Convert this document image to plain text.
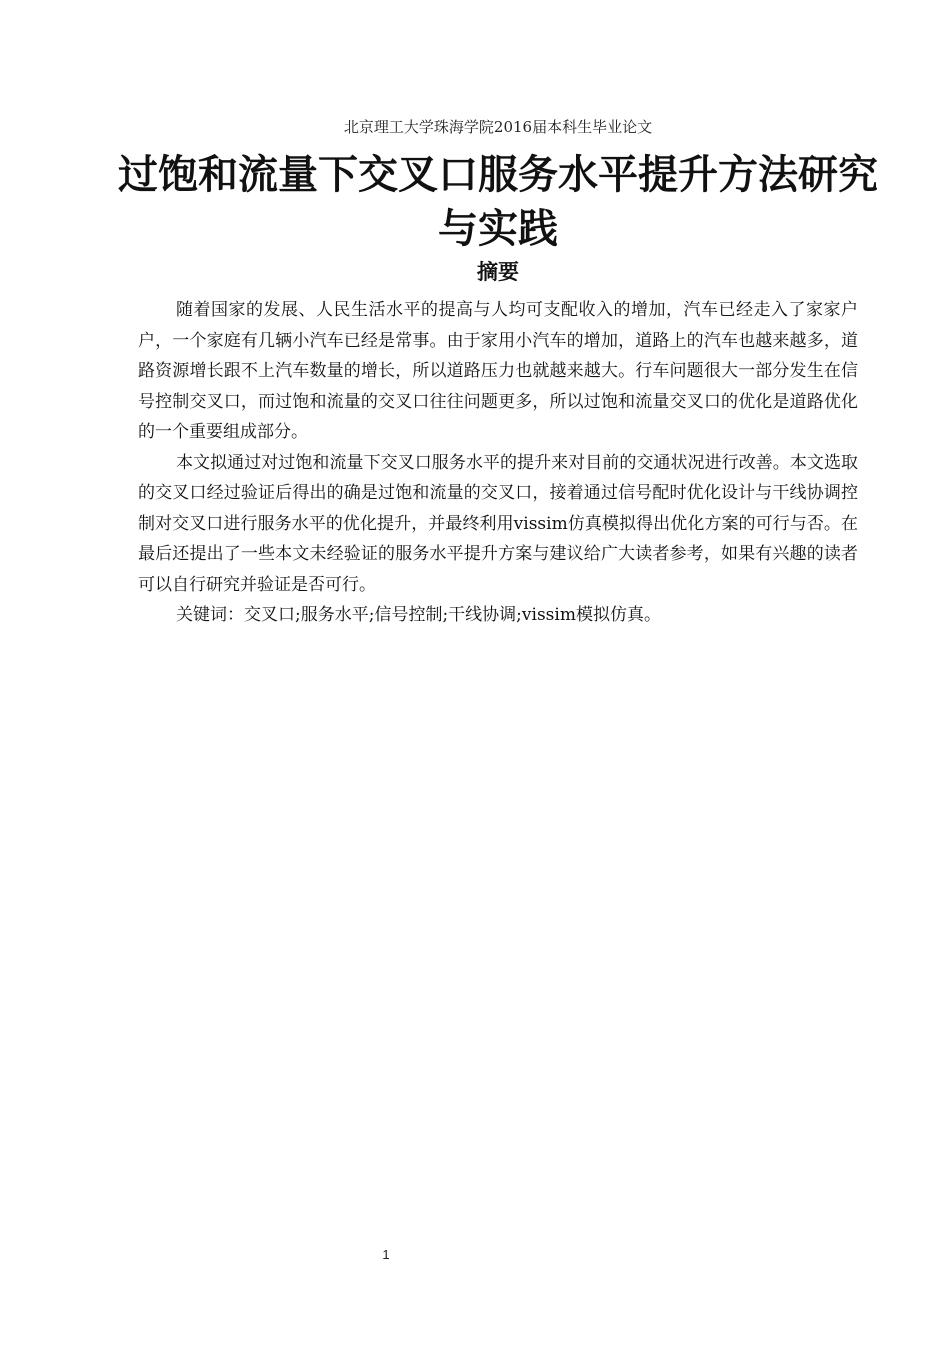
北京理工大学珠海学院2016届本科生毕业论文
过饱和流量下交叉口服务水平提升方法研究与实践
摘要

随着国家的发展、人民生活水平的提高与人均可支配收入的增加，汽车已经走入了家家户户，一个家庭有几辆小汽车已经是常事。由于家用小汽车的增加，道路上的汽车也越来越多，道路资源增长跟不上汽车数量的增长，所以道路压力也就越来越大。行车问题很大一部分发生在信号控制交叉口，而过饱和流量的交叉口往往问题更多，所以过饱和流量交叉口的优化是道路优化的一个重要组成部分。

本文拟通过对过饱和流量下交叉口服务水平的提升来对目前的交通状况进行改善。本文选取的交叉口经过验证后得出的确是过饱和流量的交叉口，接着通过信号配时优化设计与干线协调控制对交叉口进行服务水平的优化提升，并最终利用vissim仿真模拟得出优化方案的可行与否。在最后还提出了一些本文未经验证的服务水平提升方案与建议给广大读者参考，如果有兴趣的读者可以自行研究并验证是否可行。

关键词：交叉口;服务水平;信号控制;干线协调;vissim模拟仿真。

1
